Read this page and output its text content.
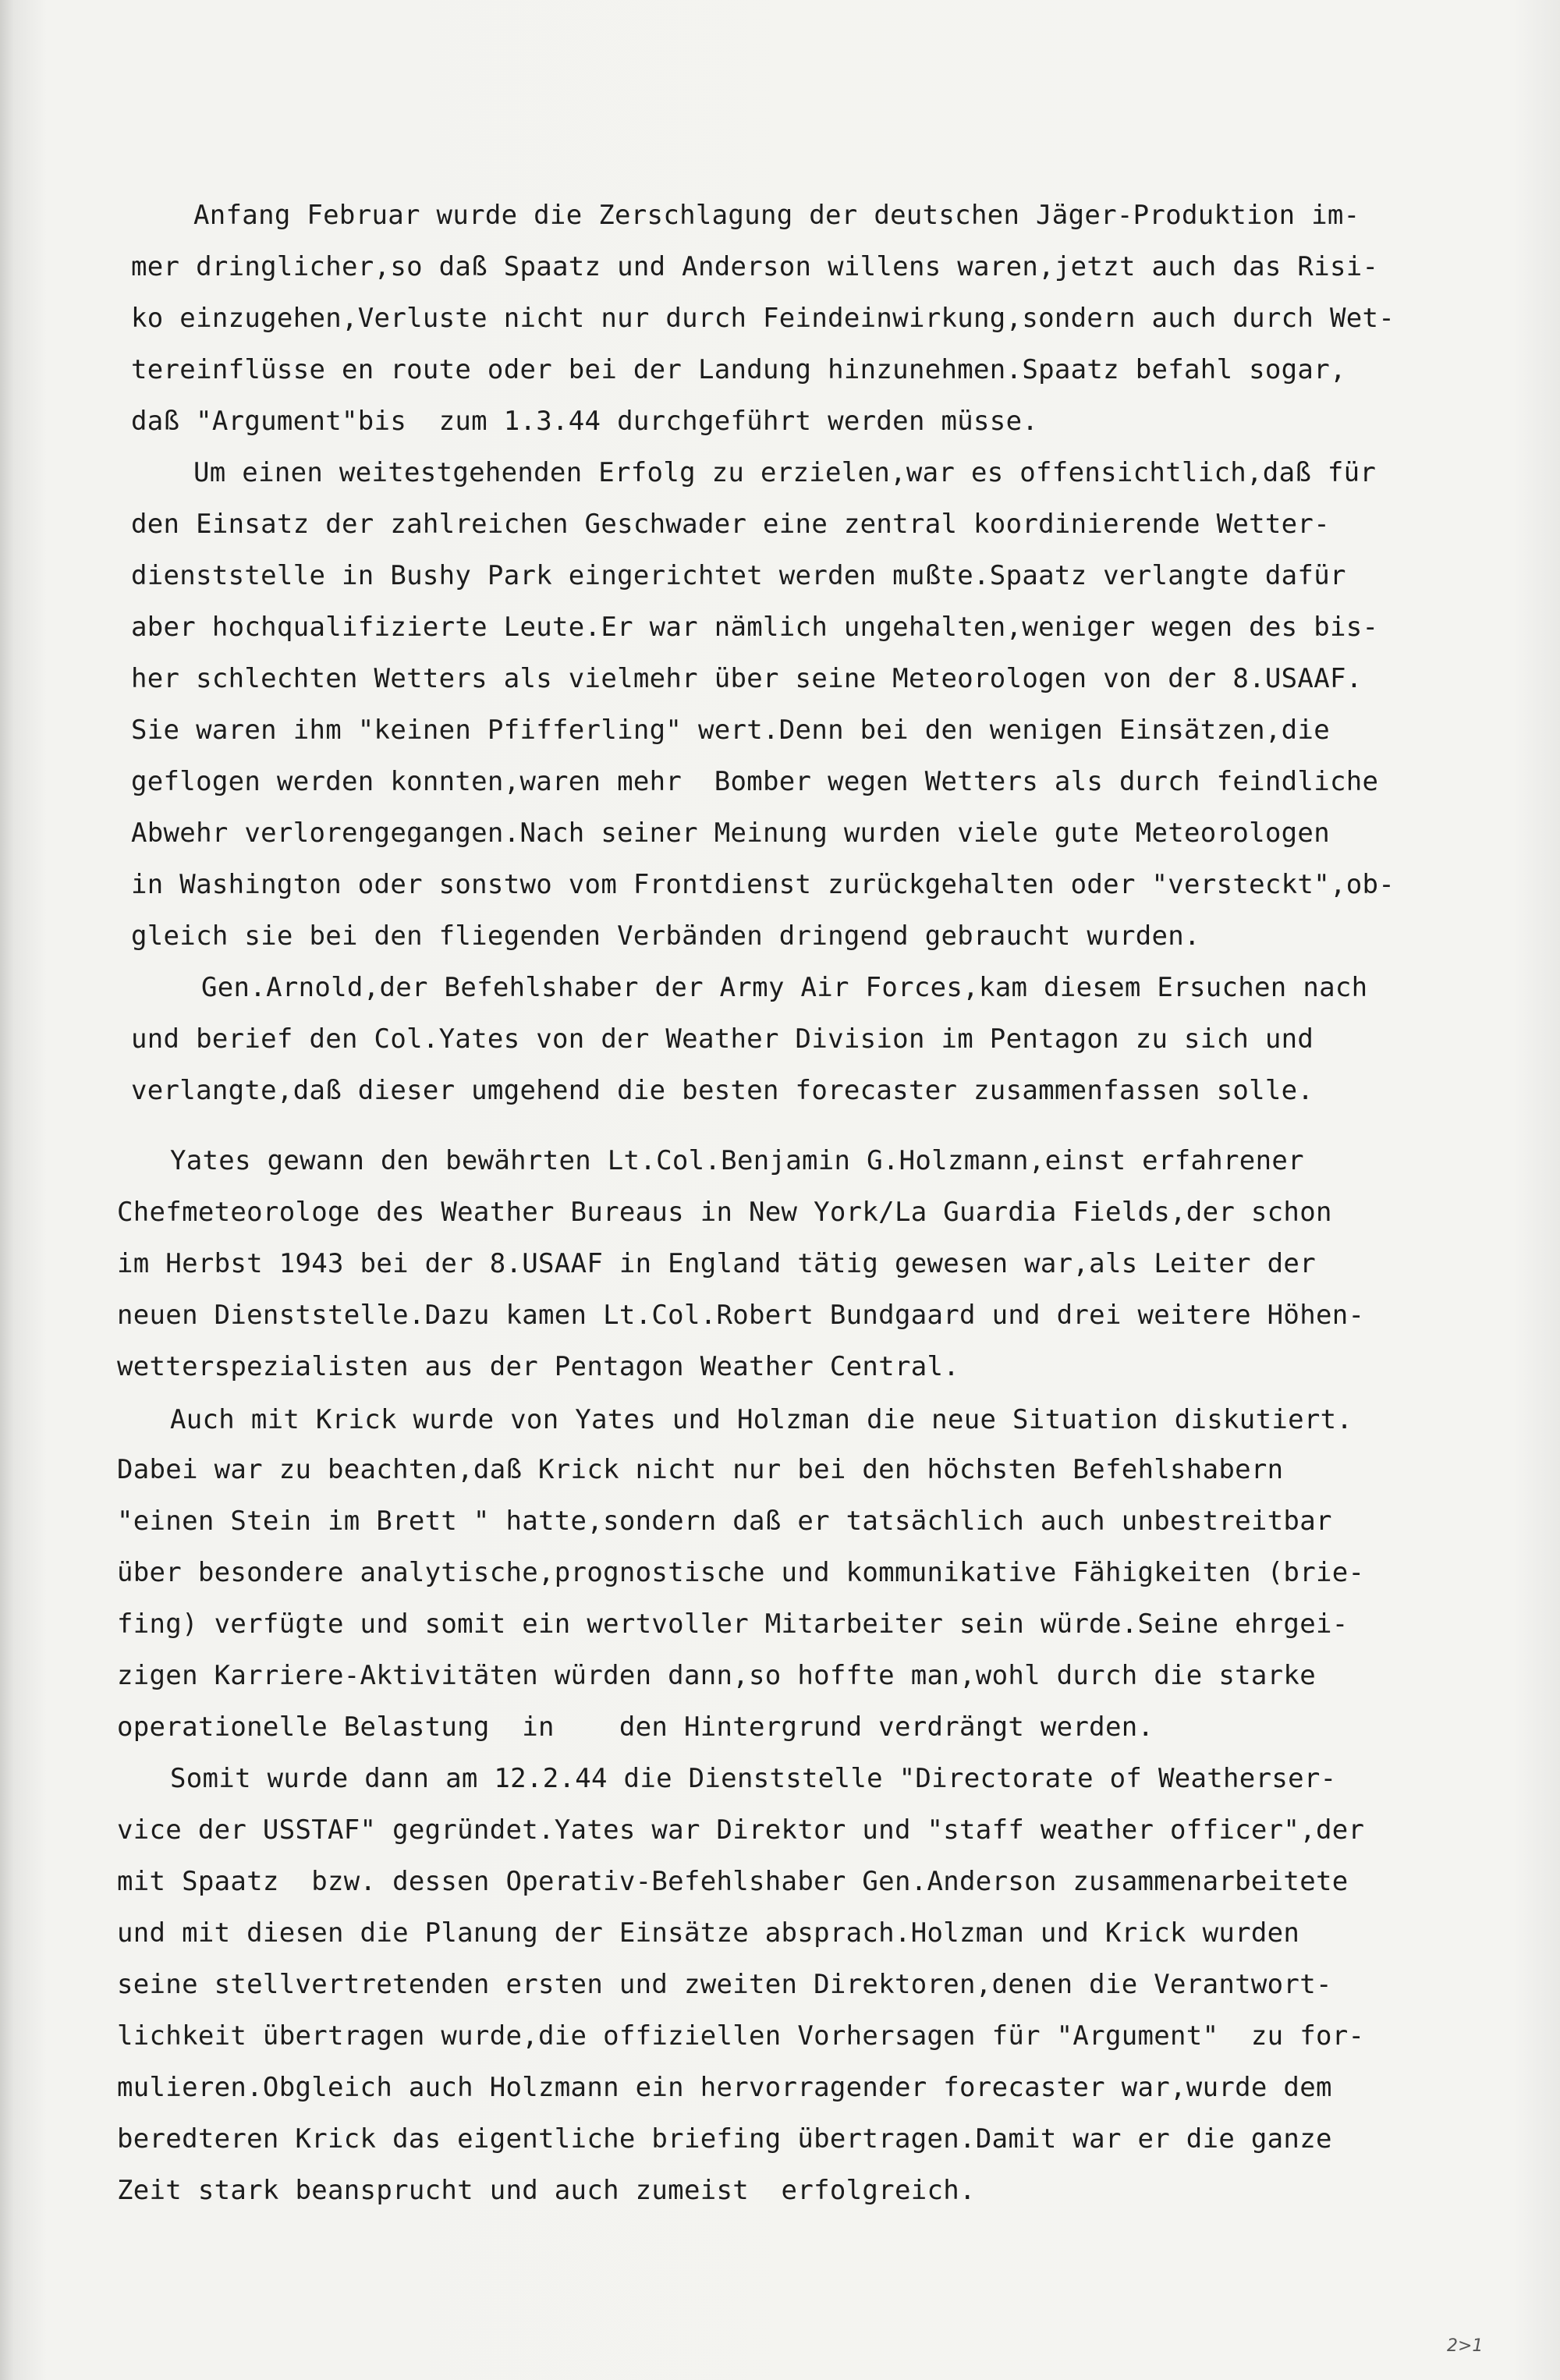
Anfang Februar wurde die Zerschlagung der deutschen Jäger-Produktion im-
mer dringlicher,so daß Spaatz und Anderson willens waren,jetzt auch das Risi-
ko einzugehen,Verluste nicht nur durch Feindeinwirkung,sondern auch durch Wet-
tereinflüsse en route oder bei der Landung hinzunehmen.Spaatz befahl sogar,
daß "Argument"bis  zum 1.3.44 durchgeführt werden müsse.
Um einen weitestgehenden Erfolg zu erzielen,war es offensichtlich,daß für
den Einsatz der zahlreichen Geschwader eine zentral koordinierende Wetter-
dienststelle in Bushy Park eingerichtet werden mußte.Spaatz verlangte dafür
aber hochqualifizierte Leute.Er war nämlich ungehalten,weniger wegen des bis-
her schlechten Wetters als vielmehr über seine Meteorologen von der 8.USAAF.
Sie waren ihm "keinen Pfifferling" wert.Denn bei den wenigen Einsätzen,die
geflogen werden konnten,waren mehr  Bomber wegen Wetters als durch feindliche
Abwehr verlorengegangen.Nach seiner Meinung wurden viele gute Meteorologen
in Washington oder sonstwo vom Frontdienst zurückgehalten oder "versteckt",ob-
gleich sie bei den fliegenden Verbänden dringend gebraucht wurden.
Gen.Arnold,der Befehlshaber der Army Air Forces,kam diesem Ersuchen nach
und berief den Col.Yates von der Weather Division im Pentagon zu sich und
verlangte,daß dieser umgehend die besten forecaster zusammenfassen solle.
Yates gewann den bewährten Lt.Col.Benjamin G.Holzmann,einst erfahrener
Chefmeteorologe des Weather Bureaus in New York/La Guardia Fields,der schon
im Herbst 1943 bei der 8.USAAF in England tätig gewesen war,als Leiter der
neuen Dienststelle.Dazu kamen Lt.Col.Robert Bundgaard und drei weitere Höhen-
wetterspezialisten aus der Pentagon Weather Central.
Auch mit Krick wurde von Yates und Holzman die neue Situation diskutiert.
Dabei war zu beachten,daß Krick nicht nur bei den höchsten Befehlshabern
"einen Stein im Brett " hatte,sondern daß er tatsächlich auch unbestreitbar
über besondere analytische,prognostische und kommunikative Fähigkeiten (brie-
fing) verfügte und somit ein wertvoller Mitarbeiter sein würde.Seine ehrgei-
zigen Karriere-Aktivitäten würden dann,so hoffte man,wohl durch die starke
operationelle Belastung  in    den Hintergrund verdrängt werden.
Somit wurde dann am 12.2.44 die Dienststelle "Directorate of Weatherser-
vice der USSTAF" gegründet.Yates war Direktor und "staff weather officer",der
mit Spaatz  bzw. dessen Operativ-Befehlshaber Gen.Anderson zusammenarbeitete
und mit diesen die Planung der Einsätze absprach.Holzman und Krick wurden
seine stellvertretenden ersten und zweiten Direktoren,denen die Verantwort-
lichkeit übertragen wurde,die offiziellen Vorhersagen für "Argument"  zu for-
mulieren.Obgleich auch Holzmann ein hervorragender forecaster war,wurde dem
beredteren Krick das eigentliche briefing übertragen.Damit war er die ganze
Zeit stark beansprucht und auch zumeist  erfolgreich.
2>1
